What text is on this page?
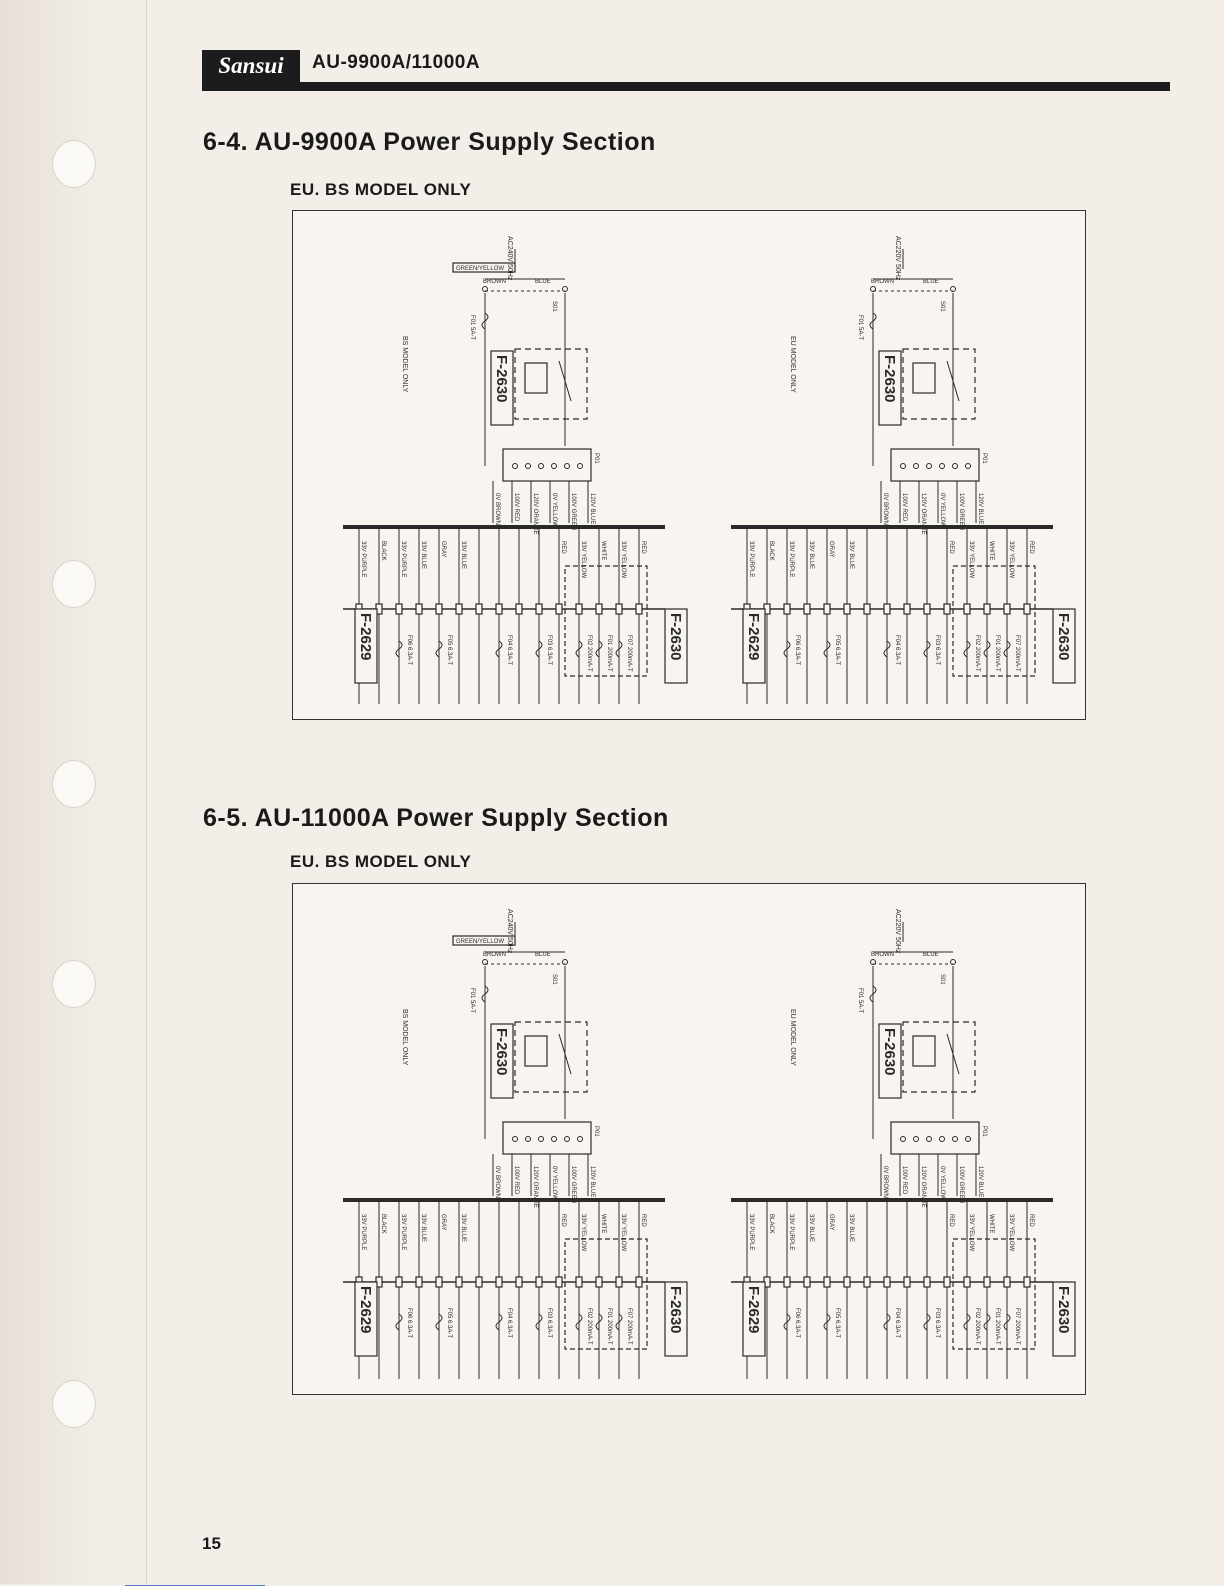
Sansui	AU-9900A/11000A
6-4. AU-9900A Power Supply Section
EU. BS MODEL ONLY
AC240V 50Hz
GREEN/YELLOW
BROWN	BLUE
S01
F01 5A-T
BS MODEL ONLY	F-2630
P01
0V BROWN 100V RED 120V ORANGE 0V YELLOW 100V GREEN 120V BLUE
33V PURPLE BLACK 33V PURPLE 33V BLUE GRAY 33V BLUE	RED 33V YELLOW WHITE 33V YELLOW RED
F06 6.3A-T	F05 6.3A-T	F04 6.3A-T	F03 6.3A-T	F02 200mA-T F01 200mA-T F07 200mA-T
F-2629	F-2630
AC220V 50Hz
BROWN	BLUE
S01
F01 5A-T
EU MODEL ONLY	F-2630
P01
0V BROWN 100V RED 120V ORANGE 0V YELLOW 100V GREEN 120V BLUE
33V PURPLE BLACK 33V PURPLE 33V BLUE GRAY 33V BLUE	RED 33V YELLOW WHITE 33V YELLOW RED
F06 6.3A-T	F05 6.3A-T	F04 6.3A-T	F03 6.3A-T	F02 200mA-T F01 200mA-T F07 200mA-T
F-2629	F-2630
6-5. AU-11000A Power Supply Section
EU. BS MODEL ONLY
AC240V 50Hz
GREEN/YELLOW
BROWN	BLUE
S01
F01 5A-T
BS MODEL ONLY	F-2630
P01
0V BROWN 100V RED 120V ORANGE 0V YELLOW 100V GREEN 120V BLUE
33V PURPLE BLACK 33V PURPLE 33V BLUE GRAY 33V BLUE	RED 33V YELLOW WHITE 33V YELLOW RED
F06 6.3A-T	F05 6.3A-T	F04 6.3A-T	F03 6.3A-T	F02 200mA-T F01 200mA-T F07 200mA-T
F-2629	F-2630
AC220V 50Hz
BROWN	BLUE
S01
F01 5A-T
EU MODEL ONLY	F-2630
P01
0V BROWN 100V RED 120V ORANGE 0V YELLOW 100V GREEN 120V BLUE
33V PURPLE BLACK 33V PURPLE 33V BLUE GRAY 33V BLUE	RED 33V YELLOW WHITE 33V YELLOW RED
F06 6.3A-T	F05 6.3A-T	F04 6.3A-T	F03 6.3A-T	F02 200mA-T F01 200mA-T F07 200mA-T
F-2629	F-2630
15
